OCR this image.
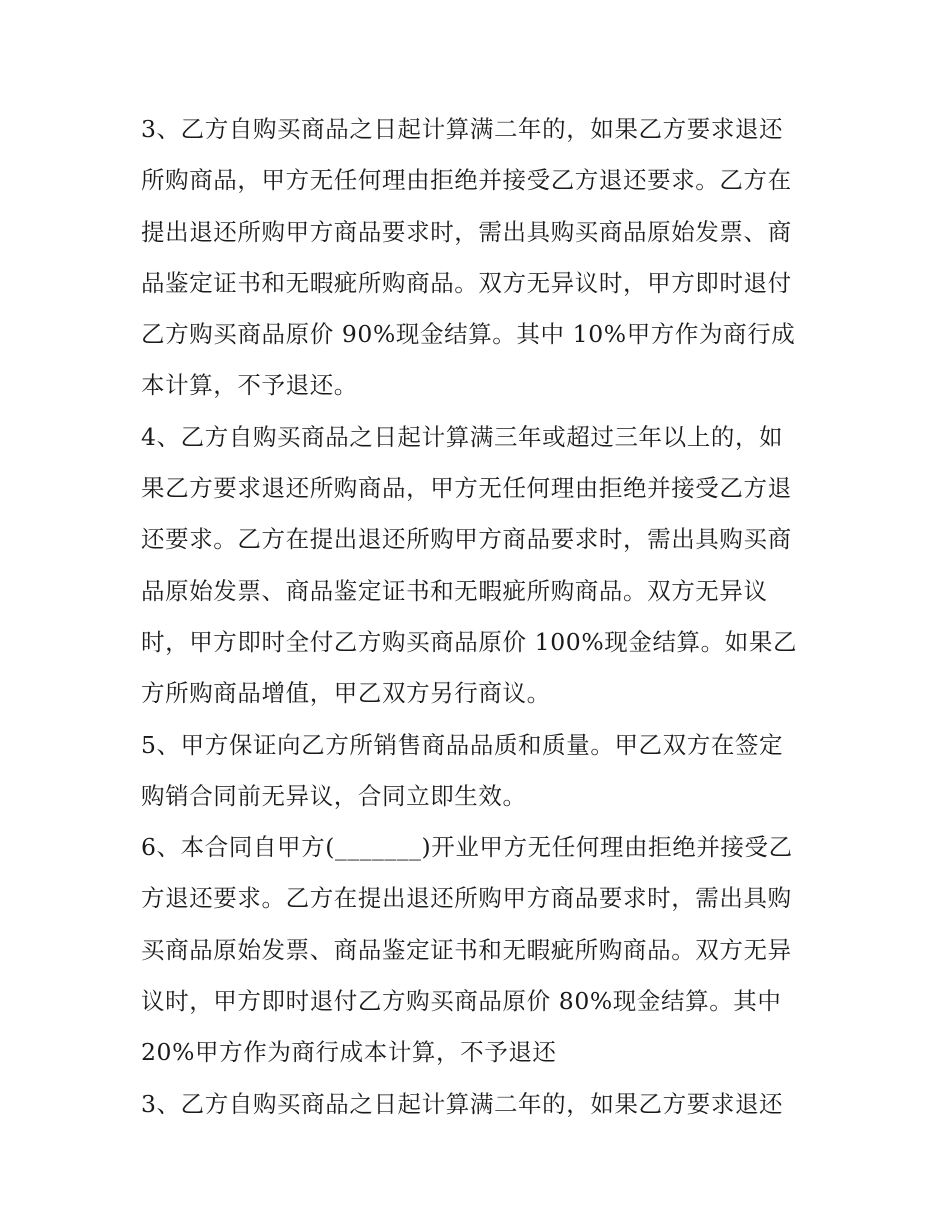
3、乙方自购买商品之日起计算满二年的，如果乙方要求退还
所购商品，甲方无任何理由拒绝并接受乙方退还要求。乙方在
提出退还所购甲方商品要求时，需出具购买商品原始发票、商
品鉴定证书和无暇疵所购商品。双方无异议时，甲方即时退付
乙方购买商品原价 90%现金结算。其中 10%甲方作为商行成
本计算，不予退还。
4、乙方自购买商品之日起计算满三年或超过三年以上的，如
果乙方要求退还所购商品，甲方无任何理由拒绝并接受乙方退
还要求。乙方在提出退还所购甲方商品要求时，需出具购买商
品原始发票、商品鉴定证书和无暇疵所购商品。双方无异议
时，甲方即时全付乙方购买商品原价 100%现金结算。如果乙
方所购商品增值，甲乙双方另行商议。
5、甲方保证向乙方所销售商品品质和质量。甲乙双方在签定
购销合同前无异议，合同立即生效。
6、本合同自甲方(_______)开业甲方无任何理由拒绝并接受乙
方退还要求。乙方在提出退还所购甲方商品要求时，需出具购
买商品原始发票、商品鉴定证书和无暇疵所购商品。双方无异
议时，甲方即时退付乙方购买商品原价 80%现金结算。其中
20%甲方作为商行成本计算，不予退还
3、乙方自购买商品之日起计算满二年的，如果乙方要求退还
